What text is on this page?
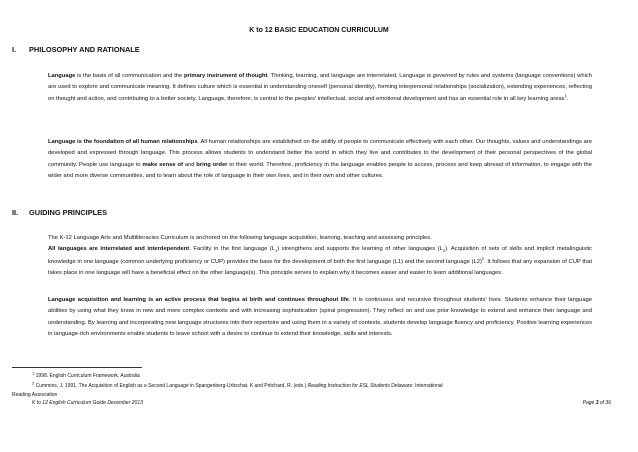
K to 12 BASIC EDUCATION CURRICULUM
I. PHILOSOPHY AND RATIONALE

Language is the basis of all communication and the primary instrument of thought. Thinking, learning, and language are interrelated. Language is governed by rules and systems (language conventions) which are used to explore and communicate meaning. It defines culture which is essential in understanding oneself (personal identity), forming interpersonal relationships (socialization), extending experiences, reflecting on thought and action, and contributing to a better society. Language, therefore, is central to the peoples' intellectual, social and emotional development and has an essential role in all key learning areas$^1$.

Language is the foundation of all human relationships. All human relationships are established on the ability of people to communicate effectively with each other. Our thoughts, values and understandings are developed and expressed through language. This process allows students to understand better the world in which they live and contributes to the development of their personal perspectives of the global community. People use language to make sense of and bring order to their world. Therefore, proficiency in the language enables people to access, process and keep abreast of information, to engage with the wider and more diverse communities, and to learn about the role of language in their own lives, and in their own and other cultures.

II. GUIDING PRINCIPLES

The K-12 Language Arts and Multiliteracies Curriculum is anchored on the following language acquisition, learning, teaching and assessing principles.
All languages are interrelated and interdependent. Facility in the first language $(L_1)$ strengthens and supports the learning of other languages $(L_2)$. Acquisition of sets of skills and implicit metalinguistic knowledge in one language (common underlying proficiency or CUP) provides the base for the development of both the first language (L1) and the second language $(L2)^2$. It follows that any expansion of CUP that takes place in one language will have a beneficial effect on the other language(s). This principle serves to explain why it becomes easier and easier to learn additional languages.

Language acquisition and learning is an active process that begins at birth and continues throughout life. It is continuous and recursive throughout students' lives. Students enhance their language abilities by using what they know in new and more complex contexts and with increasing sophistication (spiral progression). They reflect on and use prior knowledge to extend and enhance their language and understanding. By learning and incorporating new language structures into their repertoire and using them in a variety of contexts, students develop language fluency and proficiency. Positive learning experiences in language-rich environments enable students to leave school with a desire to continue to extend their knowledge, skills and interests.

$^1$ 1998. English Curriculum Framework. Australia

$^2$ Cummins, J. 1991. The Acquisition of English as a Second Language in Spangenberg-Urbschat. K and Pritchard, R. (eds.) Reading Instruction for ESL Students Delaware: International

Reading Association

K to 12 English Curriculum Guide December 2013	Page 3 of 36
